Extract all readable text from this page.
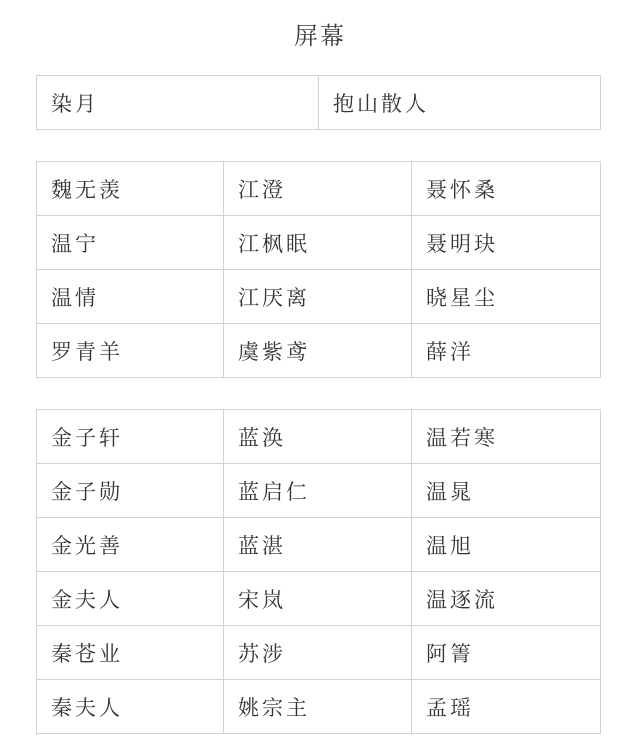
屏幕
染月	抱山散人
魏无羡	江澄	聂怀桑
温宁	江枫眠	聂明玦
温情	江厌离	晓星尘
罗青羊	虞紫鸢	薛洋
金子轩	蓝涣	温若寒
金子勋	蓝启仁	温晁
金光善	蓝湛	温旭
金夫人	宋岚	温逐流
秦苍业	苏涉	阿箐
秦夫人	姚宗主	孟瑶
